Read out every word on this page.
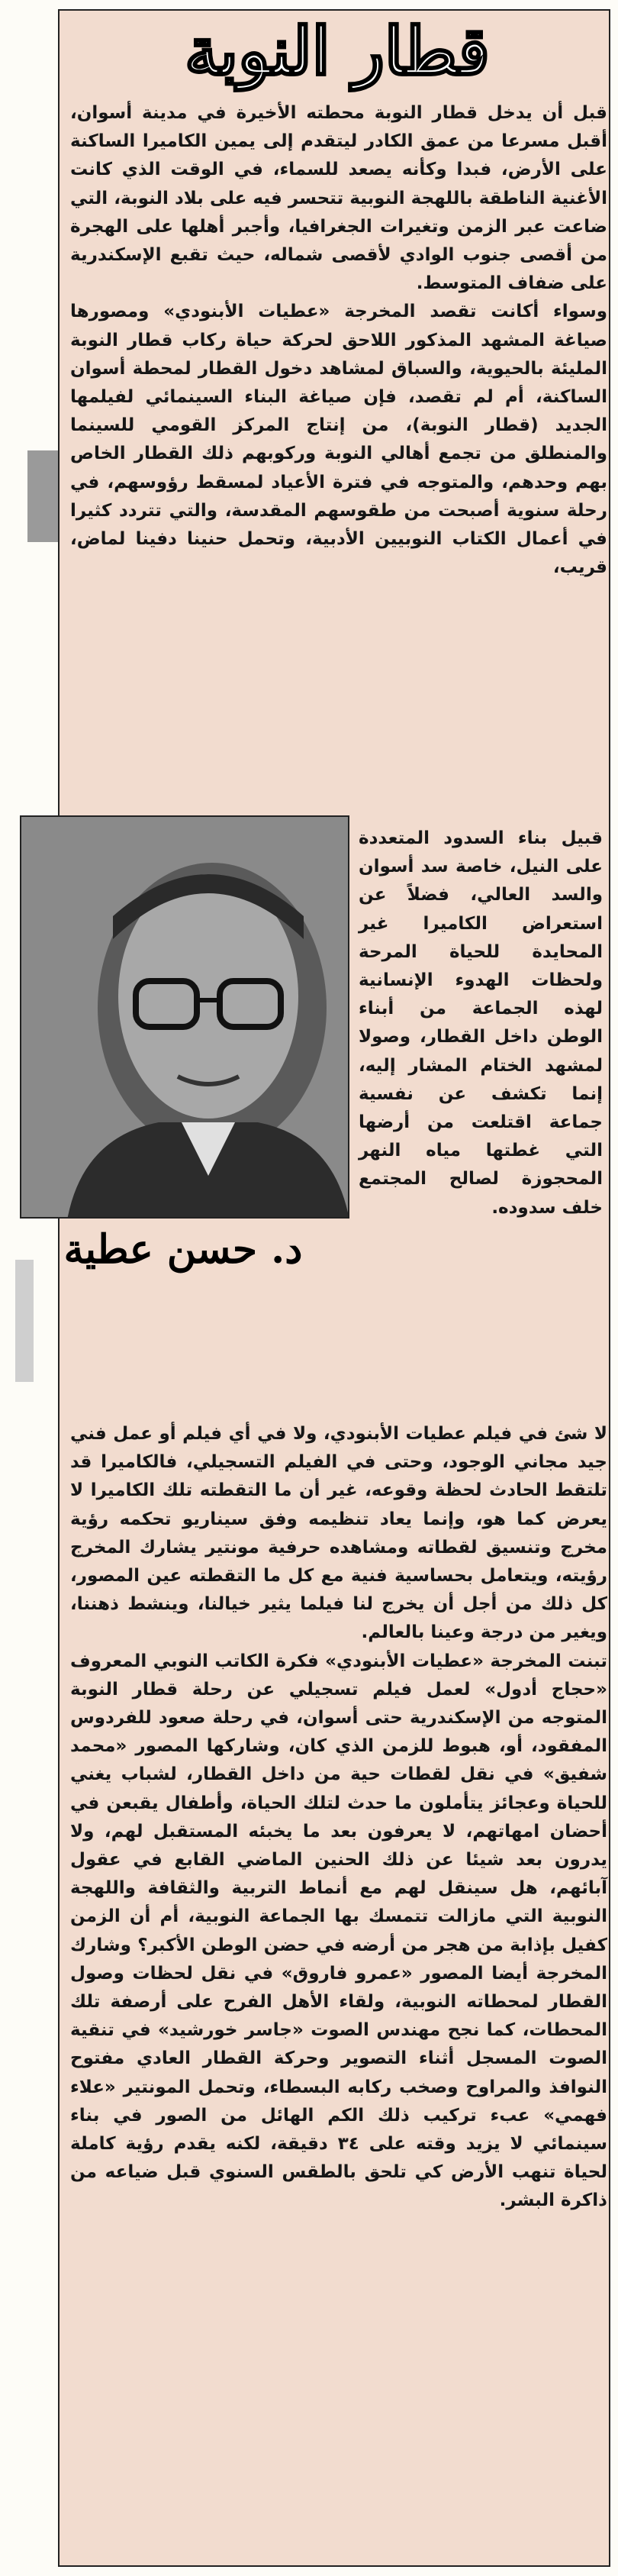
قطار النوبة

قبل أن يدخل قطار النوبة محطته الأخيرة في مدينة أسوان، أقبل مسرعا من عمق الكادر ليتقدم إلى يمين الكاميرا الساكنة على الأرض، فبدا وكأنه يصعد للسماء، في الوقت الذي كانت الأغنية الناطقة باللهجة النوبية تتحسر فيه على بلاد النوبة، التي ضاعت عبر الزمن وتغيرات الجغرافيا، وأجبر أهلها على الهجرة من أقصى جنوب الوادي لأقصى شماله، حيث تقبع الإسكندرية على ضفاف المتوسط.

وسواء أكانت تقصد المخرجة «عطيات الأبنودي» ومصورها صياغة المشهد المذكور اللاحق لحركة حياة ركاب قطار النوبة المليئة بالحيوية، والسباق لمشاهد دخول القطار لمحطة أسوان الساكنة، أم لم تقصد، فإن صياغة البناء السينمائي لفيلمها الجديد (قطار النوبة)، من إنتاج المركز القومي للسينما والمنطلق من تجمع أهالي النوبة وركوبهم ذلك القطار الخاص بهم وحدهم، والمتوجه في فترة الأعياد لمسقط رؤوسهم، في رحلة سنوية أصبحت من طقوسهم المقدسة، والتي تتردد كثيرا في أعمال الكتاب النوبيين الأدبية، وتحمل حنينا دفينا لماض، قريب،

د. حسن عطية

قبيل بناء السدود المتعددة على النيل، خاصة سد أسوان والسد العالي، فضلاً عن استعراض الكاميرا غير المحايدة للحياة المرحة ولحظات الهدوء الإنسانية لهذه الجماعة من أبناء الوطن داخل القطار، وصولا لمشهد الختام المشار إليه، إنما تكشف عن نفسية جماعة اقتلعت من أرضها التي غطتها مياه النهر المحجوزة لصالح المجتمع خلف سدوده.

لا شئ في فيلم عطيات الأبنودي، ولا في أي فيلم أو عمل فني جيد مجاني الوجود، وحتى في الفيلم التسجيلي، فالكاميرا قد تلتقط الحادث لحظة وقوعه، غير أن ما التقطته تلك الكاميرا لا يعرض كما هو، وإنما يعاد تنظيمه وفق سيناريو تحكمه رؤية مخرج وتنسيق لقطاته ومشاهده حرفية مونتير يشارك المخرج رؤيته، ويتعامل بحساسية فنية مع كل ما التقطته عين المصور، كل ذلك من أجل أن يخرج لنا فيلما يثير خيالنا، وينشط ذهننا، ويغير من درجة وعينا بالعالم.

تبنت المخرجة «عطيات الأبنودي» فكرة الكاتب النوبي المعروف «حجاج أدول» لعمل فيلم تسجيلي عن رحلة قطار النوبة المتوجه من الإسكندرية حتى أسوان، في رحلة صعود للفردوس المفقود، أو، هبوط للزمن الذي كان، وشاركها المصور «محمد شفيق» في نقل لقطات حية من داخل القطار، لشباب يغني للحياة وعجائز يتأملون ما حدث لتلك الحياة، وأطفال يقبعن في أحضان امهاتهم، لا يعرفون بعد ما يخبئه المستقبل لهم، ولا يدرون بعد شيئا عن ذلك الحنين الماضي القابع في عقول آبائهم، هل سينقل لهم مع أنماط التربية والثقافة واللهجة النوبية التي مازالت تتمسك بها الجماعة النوبية، أم أن الزمن كفيل بإذابة من هجر من أرضه في حضن الوطن الأكبر؟ وشارك المخرجة أيضا المصور «عمرو فاروق» في نقل لحظات وصول القطار لمحطاته النوبية، ولقاء الأهل الفرح على أرصفة تلك المحطات، كما نجح مهندس الصوت «جاسر خورشيد» في تنقية الصوت المسجل أثناء التصوير وحركة القطار العادي مفتوح النوافذ والمراوح وصخب ركابه البسطاء، وتحمل المونتير «علاء فهمي» عبء تركيب ذلك الكم الهائل من الصور في بناء سينمائي لا يزيد وقته على ٣٤ دقيقة، لكنه يقدم رؤية كاملة لحياة تنهب الأرض كي تلحق بالطقس السنوي قبل ضياعه من ذاكرة البشر.
